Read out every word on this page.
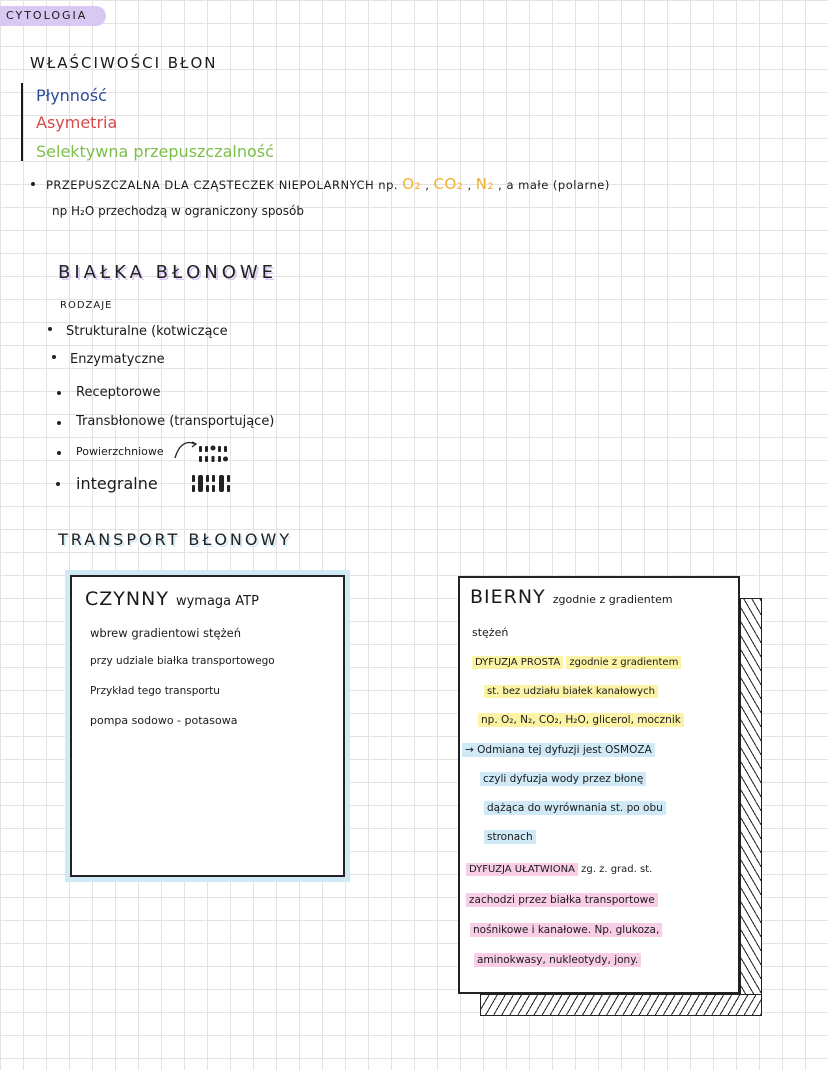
CYTOLOGIA
WŁAŚCIWOŚCI BŁON
Płynność
Asymetria
Selektywna przepuszczalność
PRZEPUSZCZALNA DLA CZĄSTECZEK NIEPOLARNYCH np. O₂ , CO₂ , N₂ , a małe (polarne)
np H₂O przechodzą w ograniczony sposób
BIAŁKA BŁONOWE
RODZAJE
Strukturalne (kotwiczące
Enzymatyczne
Receptorowe
Transbłonowe (transportujące)
Powierzchniowe
integralne
TRANSPORT BŁONOWY
CZYNNY wymaga ATP
wbrew gradientowi stężeń
przy udziale białka transportowego
Przykład tego transportu
pompa sodowo - potasowa
BIERNY zgodnie z gradientem
stężeń
DYFUZJA PROSTA zgodnie z gradientem
st. bez udziału białek kanałowych
np. O₂, N₂, CO₂, H₂O, glicerol, mocznik
→ Odmiana tej dyfuzji jest OSMOZA
czyli dyfuzja wody przez błonę
dążąca do wyrównania st. po obu
stronach
DYFUZJA UŁATWIONA zg. z. grad. st.
zachodzi przez białka transportowe
nośnikowe i kanałowe. Np. glukoza,
aminokwasy, nukleotydy, jony.
